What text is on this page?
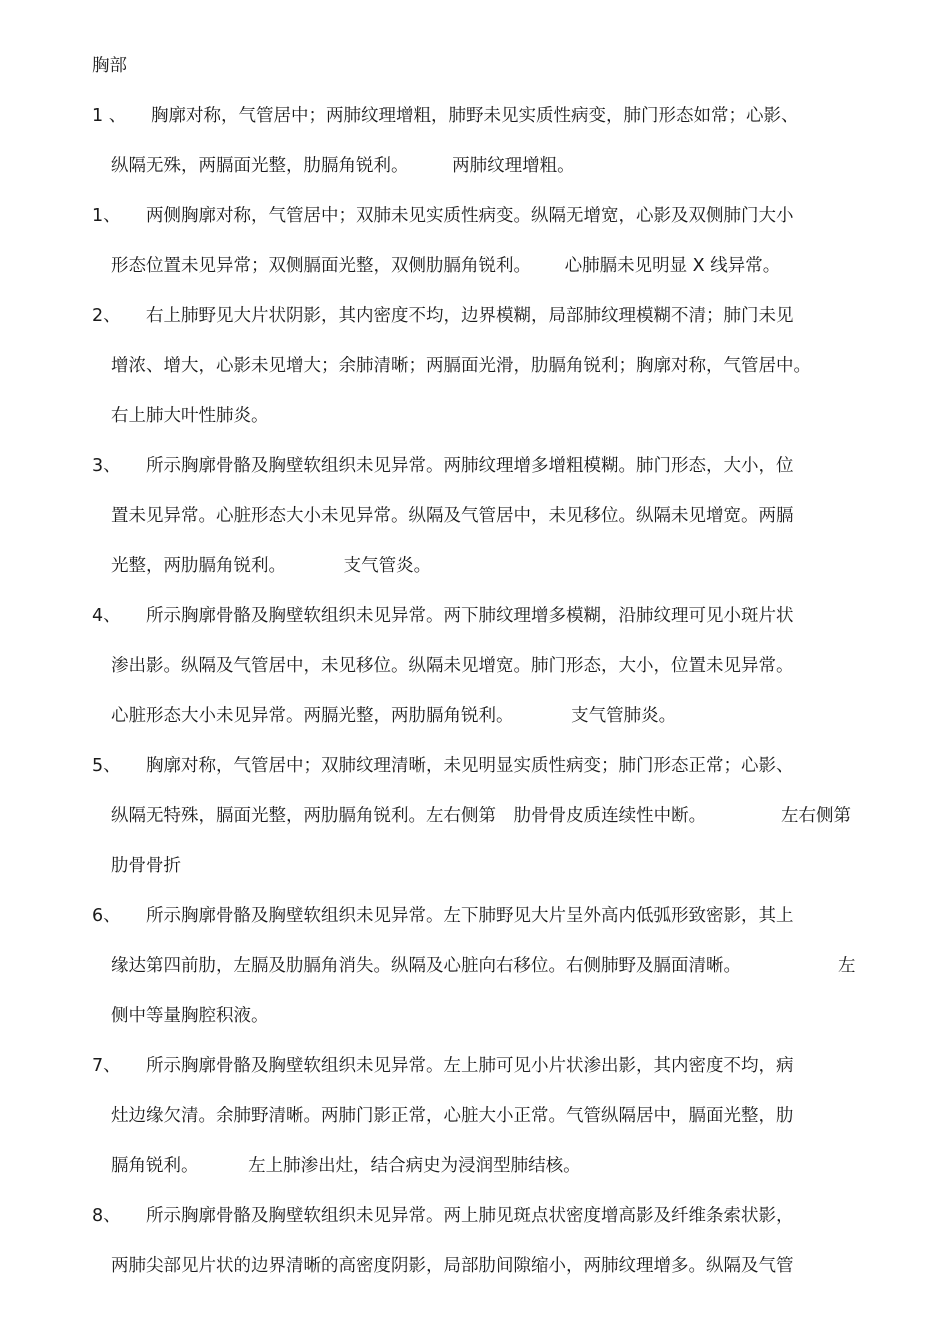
胸部
1 、 胸廓对称，气管居中；两肺纹理增粗，肺野未见实质性病变，肺门形态如常；心影、
纵隔无殊，两膈面光整，肋膈角锐利。 两肺纹理增粗。
1、 两侧胸廓对称，气管居中；双肺未见实质性病变。纵隔无增宽，心影及双侧肺门大小
形态位置未见异常；双侧膈面光整，双侧肋膈角锐利。 心肺膈未见明显 X 线异常。
2、 右上肺野见大片状阴影，其内密度不均，边界模糊，局部肺纹理模糊不清；肺门未见
增浓、增大，心影未见增大；余肺清晰；两膈面光滑，肋膈角锐利；胸廓对称，气管居中。
右上肺大叶性肺炎。
3、 所示胸廓骨骼及胸壁软组织未见异常。两肺纹理增多增粗模糊。肺门形态，大小，位
置未见异常。心脏形态大小未见异常。纵隔及气管居中，未见移位。纵隔未见增宽。两膈
光整，两肋膈角锐利。	支气管炎。
4、 所示胸廓骨骼及胸壁软组织未见异常。两下肺纹理增多模糊，沿肺纹理可见小斑片状
渗出影。纵隔及气管居中，未见移位。纵隔未见增宽。肺门形态，大小，位置未见异常。
心脏形态大小未见异常。两膈光整，两肋膈角锐利。	支气管肺炎。
5、 胸廓对称，气管居中；双肺纹理清晰，未见明显实质性病变；肺门形态正常；心影、
纵隔无特殊，膈面光整，两肋膈角锐利。左右侧第 肋骨骨皮质连续性中断。	左右侧第
肋骨骨折
6、 所示胸廓骨骼及胸壁软组织未见异常。左下肺野见大片呈外高内低弧形致密影，其上
缘达第四前肋，左膈及肋膈角消失。纵隔及心脏向右移位。右侧肺野及膈面清晰。	左
侧中等量胸腔积液。
7、 所示胸廓骨骼及胸壁软组织未见异常。左上肺可见小片状渗出影，其内密度不均，病
灶边缘欠清。余肺野清晰。两肺门影正常，心脏大小正常。气管纵隔居中，膈面光整，肋
膈角锐利。	左上肺渗出灶，结合病史为浸润型肺结核。
8、 所示胸廓骨骼及胸壁软组织未见异常。两上肺见斑点状密度增高影及纤维条索状影，
两肺尖部见片状的边界清晰的高密度阴影，局部肋间隙缩小，两肺纹理增多。纵隔及气管
